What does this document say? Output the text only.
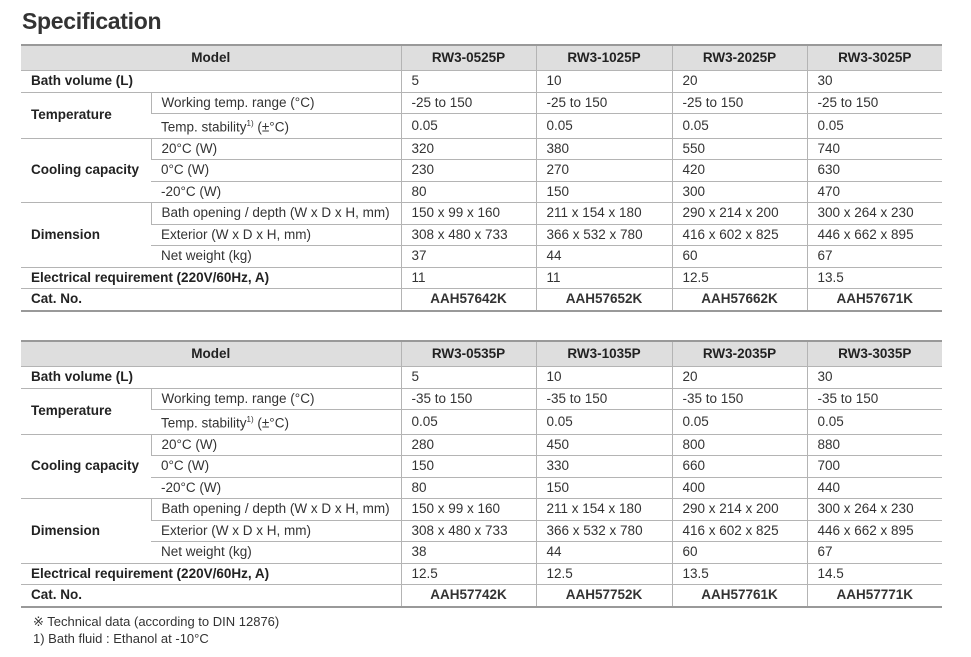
Specification
Model		RW3-0525P	RW3-1025P	RW3-2025P	RW3-3025P
Bath volume (L)		5	10	20	30
Temperature	Working temp. range (°C)	-25 to 150	-25 to 150	-25 to 150	-25 to 150
	Temp. stability$^{1)}$ (±°C)	0.05	0.05	0.05	0.05
Cooling capacity	20°C (W)	320	380	550	740
	0°C (W)	230	270	420	630
	-20°C (W)	80	150	300	470
Dimension	Bath opening / depth (W x D x H, mm)	150 x 99 x 160	211 x 154 x 180	290 x 214 x 200	300 x 264 x 230
	Exterior (W x D x H, mm)	308 x 480 x 733	366 x 532 x 780	416 x 602 x 825	446 x 662 x 895
	Net weight (kg)	37	44	60	67
Electrical requirement (220V/60Hz, A)		11	11	12.5	13.5
Cat. No.		AAH57642K	AAH57652K	AAH57662K	AAH57671K
Model		RW3-0535P	RW3-1035P	RW3-2035P	RW3-3035P
Bath volume (L)		5	10	20	30
Temperature	Working temp. range (°C)	-35 to 150	-35 to 150	-35 to 150	-35 to 150
	Temp. stability$^{1)}$ (±°C)	0.05	0.05	0.05	0.05
Cooling capacity	20°C (W)	280	450	800	880
	0°C (W)	150	330	660	700
	-20°C (W)	80	150	400	440
Dimension	Bath opening / depth (W x D x H, mm)	150 x 99 x 160	211 x 154 x 180	290 x 214 x 200	300 x 264 x 230
	Exterior (W x D x H, mm)	308 x 480 x 733	366 x 532 x 780	416 x 602 x 825	446 x 662 x 895
	Net weight (kg)	38	44	60	67
Electrical requirement (220V/60Hz, A)		12.5	12.5	13.5	14.5
Cat. No.		AAH57742K	AAH57752K	AAH57761K	AAH57771K
※ Technical data (according to DIN 12876)
1) Bath fluid : Ethanol at -10°C
